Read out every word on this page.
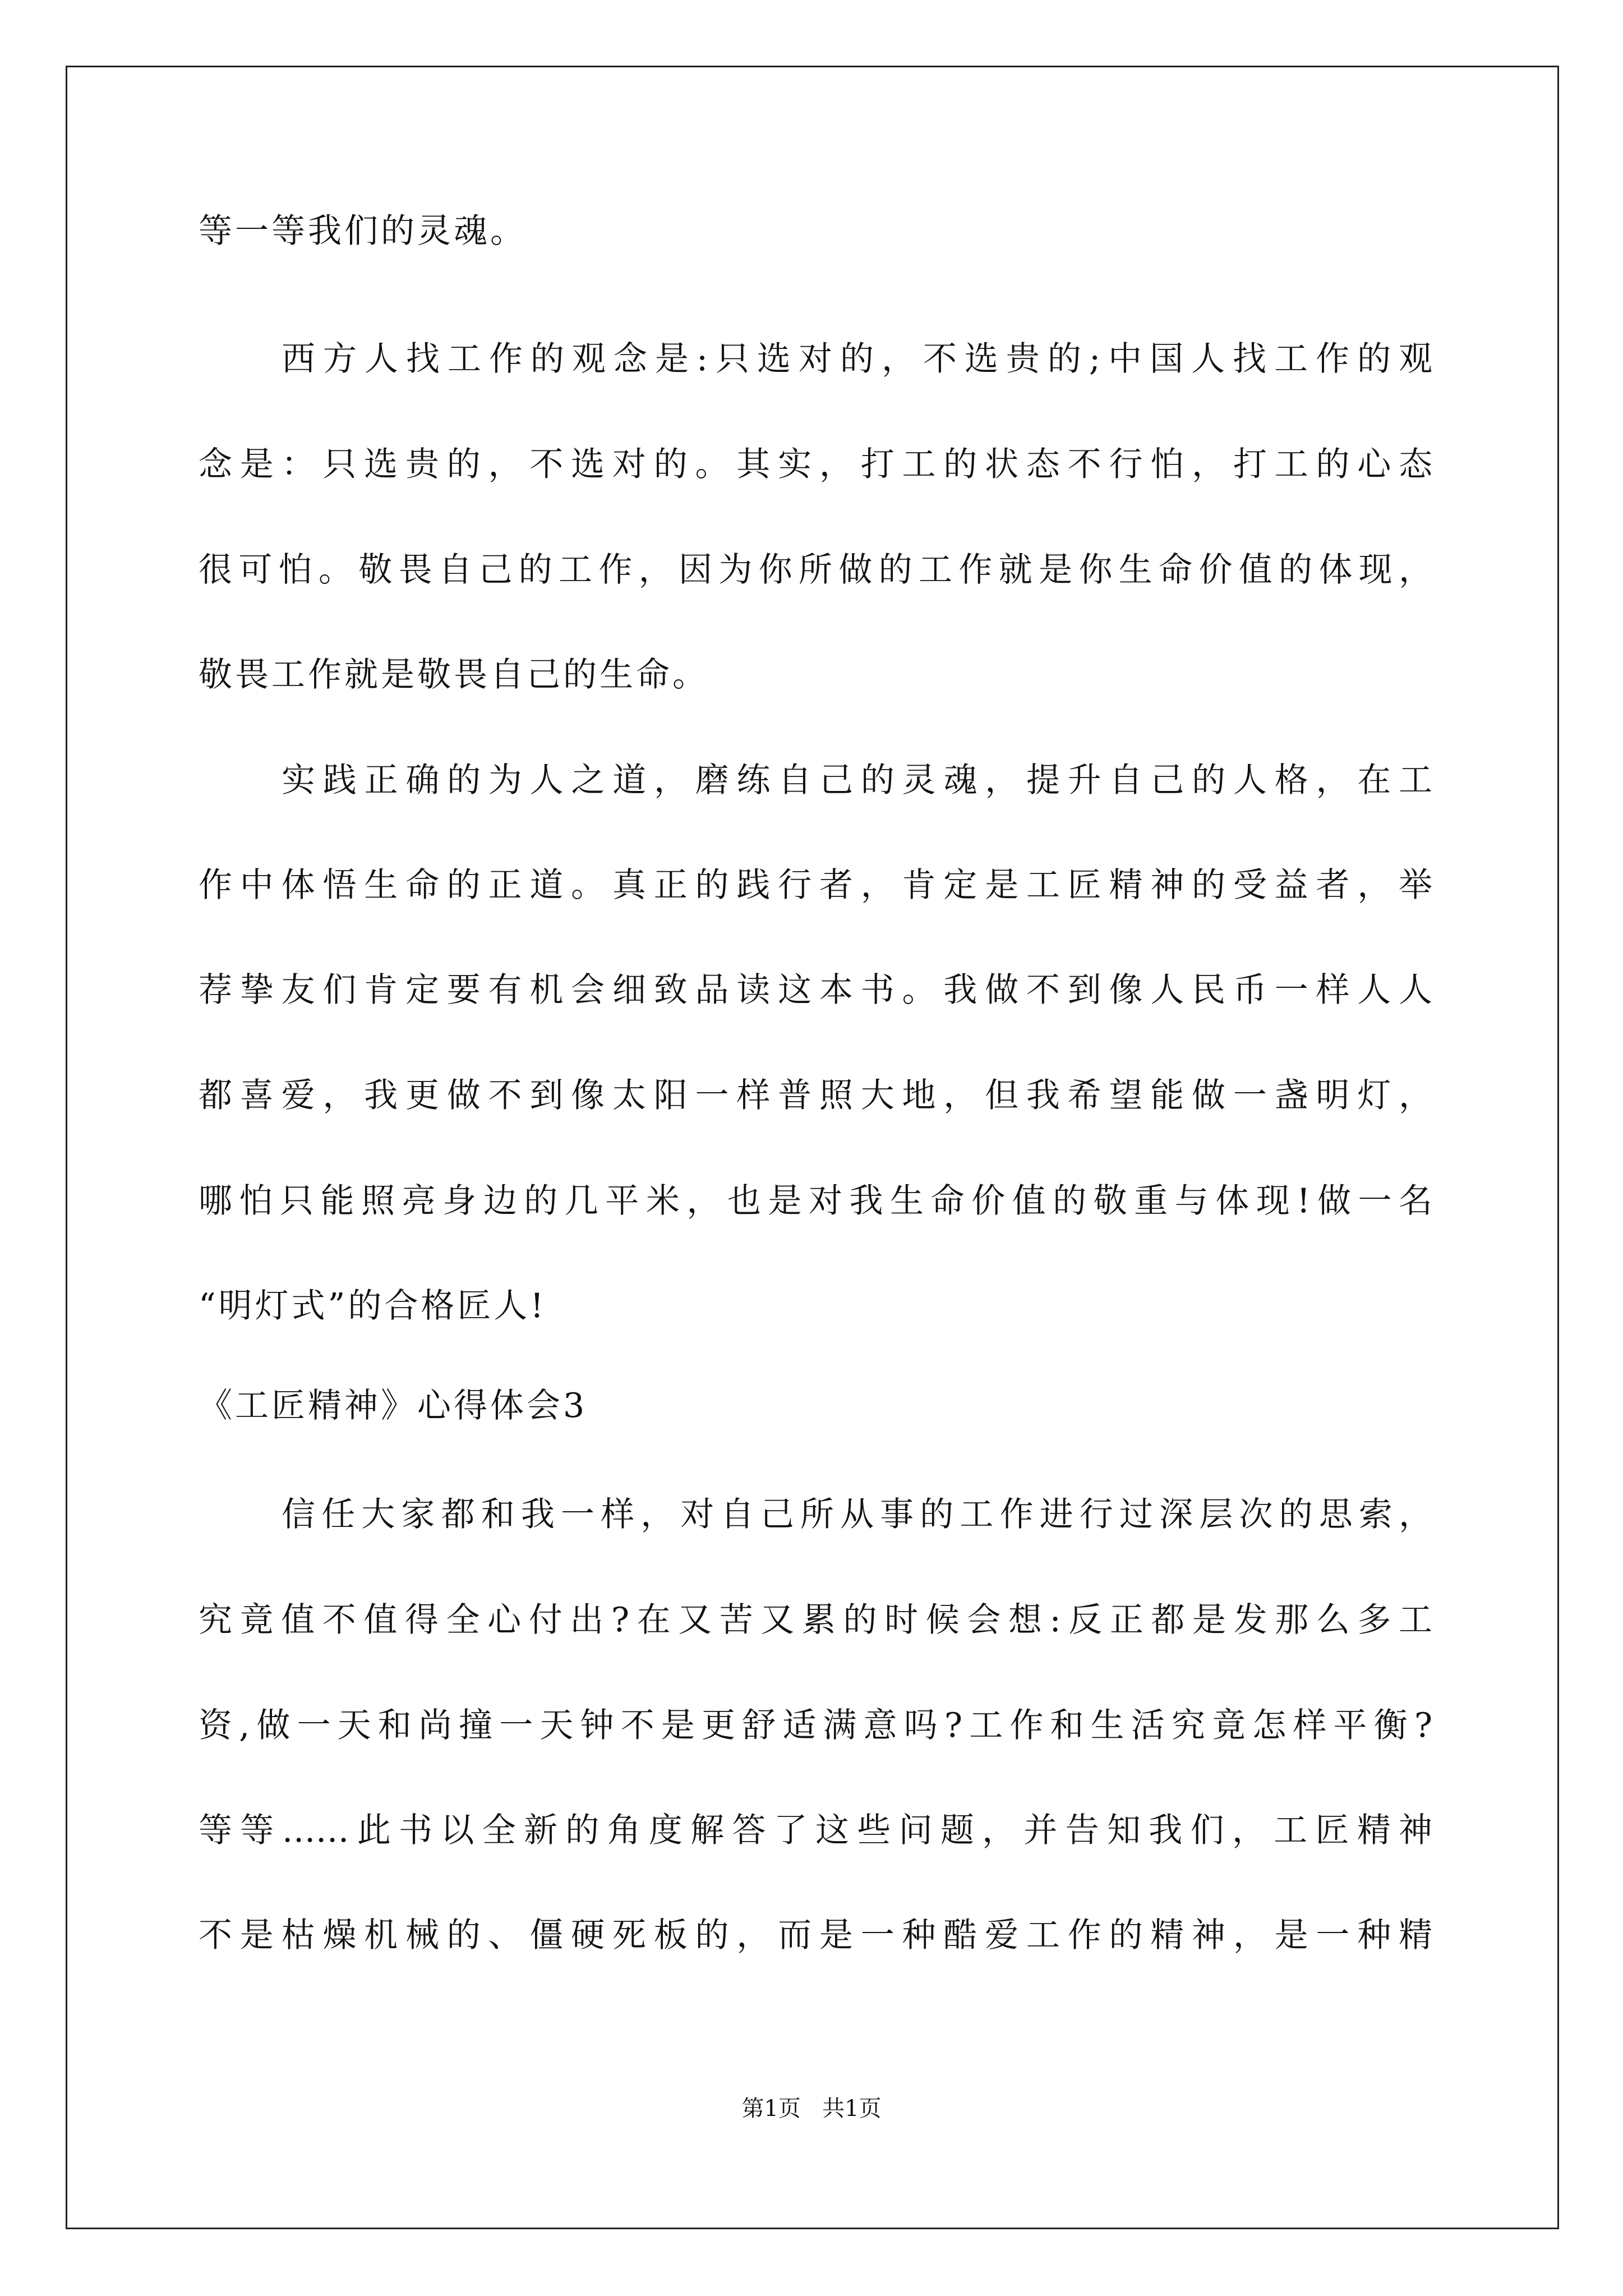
等一等我们的灵魂。
西方人找工作的观念是:只选对的，不选贵的;中国人找工作的观
念是：只选贵的，不选对的。其实，打工的状态不行怕，打工的心态
很可怕。敬畏自己的工作，因为你所做的工作就是你生命价值的体现，
敬畏工作就是敬畏自己的生命。
实践正确的为人之道，磨练自己的灵魂，提升自己的人格，在工
作中体悟生命的正道。真正的践行者，肯定是工匠精神的受益者，举
荐挚友们肯定要有机会细致品读这本书。我做不到像人民币一样人人
都喜爱，我更做不到像太阳一样普照大地，但我希望能做一盏明灯，
哪怕只能照亮身边的几平米，也是对我生命价值的敬重与体现!做一名
“明灯式”的合格匠人!
《工匠精神》心得体会3
信任大家都和我一样，对自己所从事的工作进行过深层次的思索，
究竟值不值得全心付出?在又苦又累的时候会想:反正都是发那么多工
资,做一天和尚撞一天钟不是更舒适满意吗?工作和生活究竟怎样平衡?
等等……此书以全新的角度解答了这些问题，并告知我们，工匠精神
不是枯燥机械的、僵硬死板的，而是一种酷爱工作的精神，是一种精
第1页   共1页
